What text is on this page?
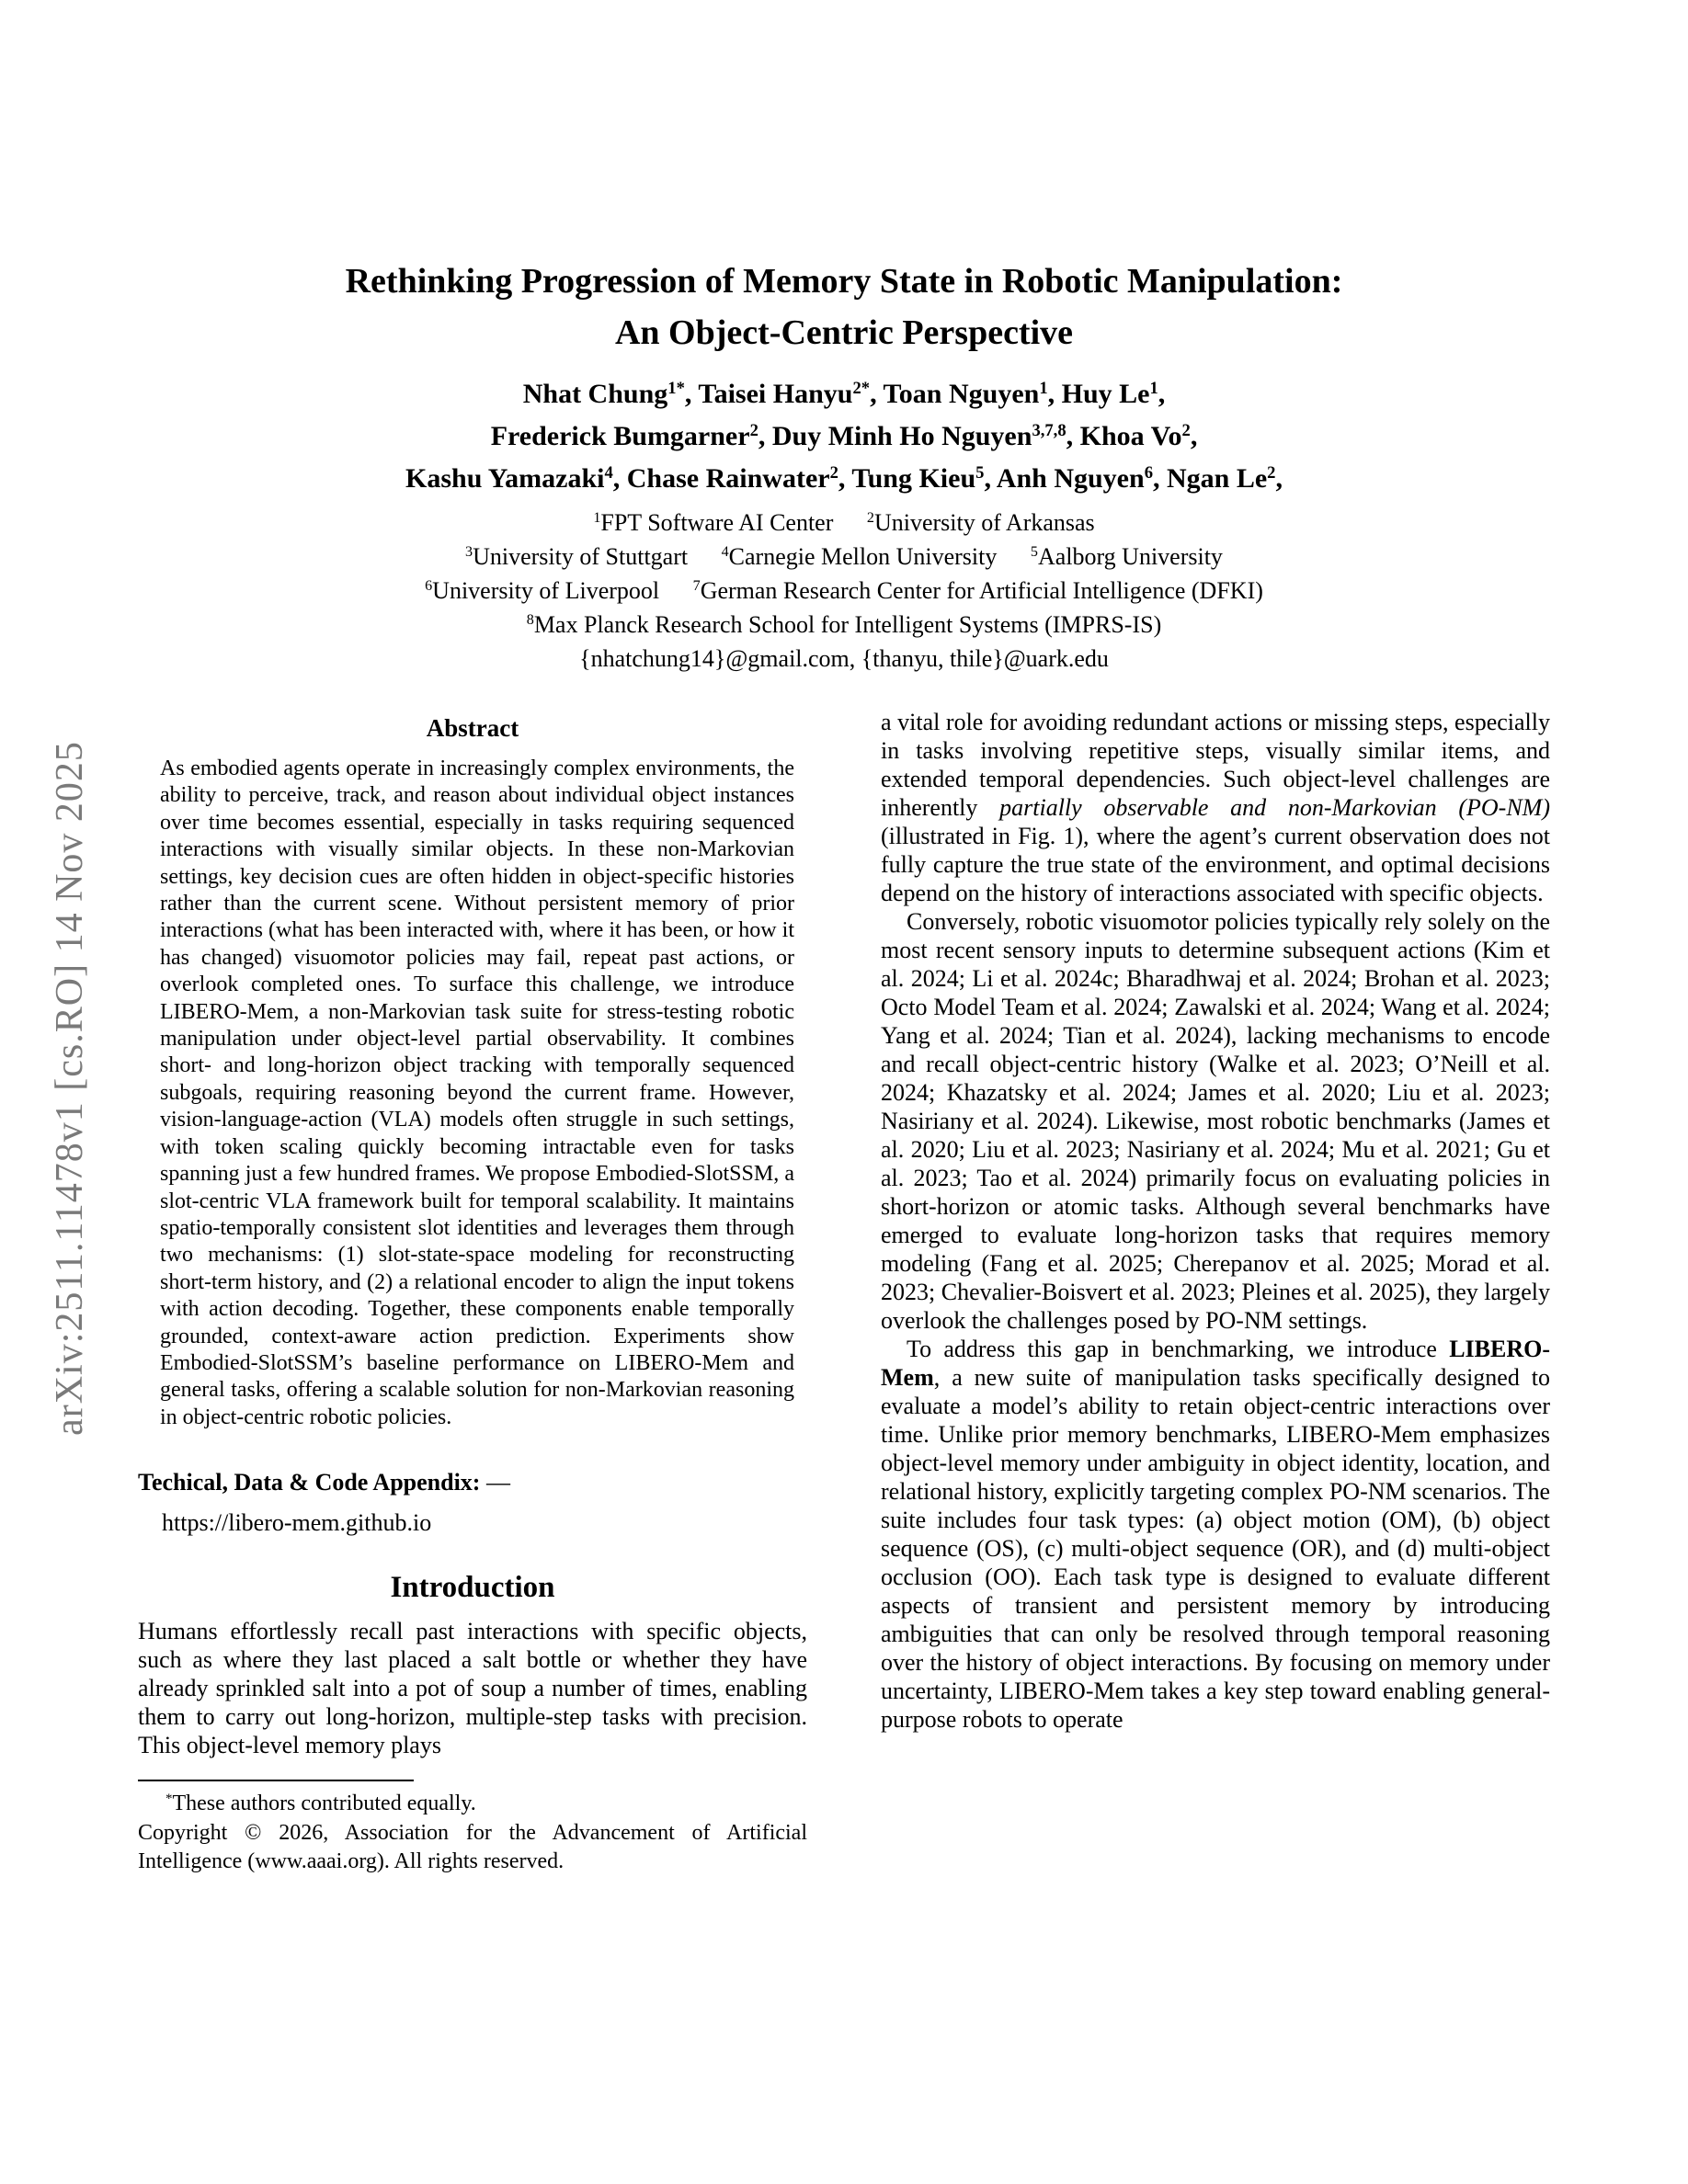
arXiv:2511.11478v1 [cs.RO] 14 Nov 2025
Rethinking Progression of Memory State in Robotic Manipulation:
An Object-Centric Perspective
Nhat Chung$^{1*}$, Taisei Hanyu$^{2*}$, Toan Nguyen$^1$, Huy Le$^1$,
Frederick Bumgarner$^2$, Duy Minh Ho Nguyen$^{3,7,8}$, Khoa Vo$^2$,
Kashu Yamazaki$^4$, Chase Rainwater$^2$, Tung Kieu$^5$, Anh Nguyen$^6$, Ngan Le$^2$,
$^1$FPT Software AI Center $^2$University of Arkansas
$^3$University of Stuttgart $^4$Carnegie Mellon University $^5$Aalborg University
$^6$University of Liverpool $^7$German Research Center for Artificial Intelligence (DFKI)
$^8$Max Planck Research School for Intelligent Systems (IMPRS-IS)
{nhatchung14}@gmail.com, {thanyu, thile}@uark.edu
Abstract

As embodied agents operate in increasingly complex environments, the ability to perceive, track, and reason about individual object instances over time becomes essential, especially in tasks requiring sequenced interactions with visually similar objects. In these non-Markovian settings, key decision cues are often hidden in object-specific histories rather than the current scene. Without persistent memory of prior interactions (what has been interacted with, where it has been, or how it has changed) visuomotor policies may fail, repeat past actions, or overlook completed ones. To surface this challenge, we introduce LIBERO-Mem, a non-Markovian task suite for stress-testing robotic manipulation under object-level partial observability. It combines short- and long-horizon object tracking with temporally sequenced subgoals, requiring reasoning beyond the current frame. However, vision-language-action (VLA) models often struggle in such settings, with token scaling quickly becoming intractable even for tasks spanning just a few hundred frames. We propose Embodied-SlotSSM, a slot-centric VLA framework built for temporal scalability. It maintains spatio-temporally consistent slot identities and leverages them through two mechanisms: (1) slot-state-space modeling for reconstructing short-term history, and (2) a relational encoder to align the input tokens with action decoding. Together, these components enable temporally grounded, context-aware action prediction. Experiments show Embodied-SlotSSM’s baseline performance on LIBERO-Mem and general tasks, offering a scalable solution for non-Markovian reasoning in object-centric robotic policies.

Techical, Data & Code Appendix: —
https://libero-mem.github.io

Introduction

Humans effortlessly recall past interactions with specific objects, such as where they last placed a salt bottle or whether they have already sprinkled salt into a pot of soup a number of times, enabling them to carry out long-horizon, multiple-step tasks with precision. This object-level memory plays

*These authors contributed equally.

Copyright © 2026, Association for the Advancement of Artificial Intelligence (www.aaai.org). All rights reserved.

a vital role for avoiding redundant actions or missing steps, especially in tasks involving repetitive steps, visually similar items, and extended temporal dependencies. Such object-level challenges are inherently partially observable and non-Markovian (PO-NM) (illustrated in Fig. 1), where the agent’s current observation does not fully capture the true state of the environment, and optimal decisions depend on the history of interactions associated with specific objects.

Conversely, robotic visuomotor policies typically rely solely on the most recent sensory inputs to determine subsequent actions (Kim et al. 2024; Li et al. 2024c; Bharadhwaj et al. 2024; Brohan et al. 2023; Octo Model Team et al. 2024; Zawalski et al. 2024; Wang et al. 2024; Yang et al. 2024; Tian et al. 2024), lacking mechanisms to encode and recall object-centric history (Walke et al. 2023; O’Neill et al. 2024; Khazatsky et al. 2024; James et al. 2020; Liu et al. 2023; Nasiriany et al. 2024). Likewise, most robotic benchmarks (James et al. 2020; Liu et al. 2023; Nasiriany et al. 2024; Mu et al. 2021; Gu et al. 2023; Tao et al. 2024) primarily focus on evaluating policies in short-horizon or atomic tasks. Although several benchmarks have emerged to evaluate long-horizon tasks that requires memory modeling (Fang et al. 2025; Cherepanov et al. 2025; Morad et al. 2023; Chevalier-Boisvert et al. 2023; Pleines et al. 2025), they largely overlook the challenges posed by PO-NM settings.

To address this gap in benchmarking, we introduce LIBERO-Mem, a new suite of manipulation tasks specifically designed to evaluate a model’s ability to retain object-centric interactions over time. Unlike prior memory benchmarks, LIBERO-Mem emphasizes object-level memory under ambiguity in object identity, location, and relational history, explicitly targeting complex PO-NM scenarios. The suite includes four task types: (a) object motion (OM), (b) object sequence (OS), (c) multi-object sequence (OR), and (d) multi-object occlusion (OO). Each task type is designed to evaluate different aspects of transient and persistent memory by introducing ambiguities that can only be resolved through temporal reasoning over the history of object interactions. By focusing on memory under uncertainty, LIBERO-Mem takes a key step toward enabling general-purpose robots to operate
